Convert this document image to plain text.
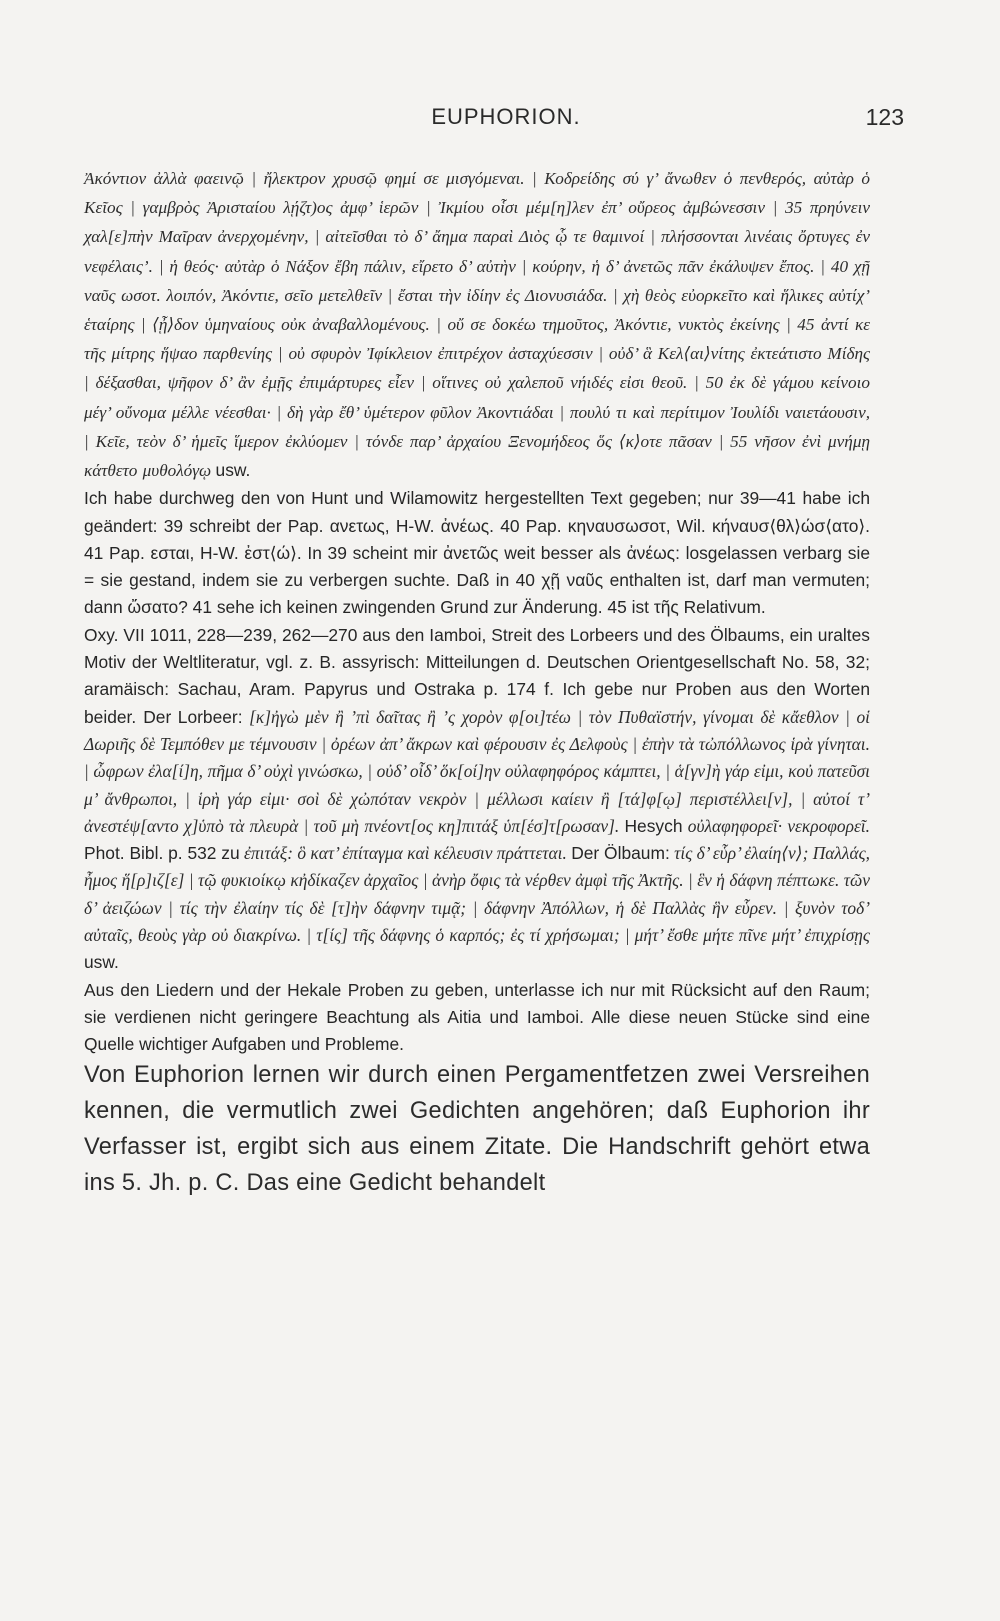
EUPHORION.	123

Ἀκόντιον ἀλλὰ φαεινῷ | ἤλεκτρον χρυσῷ φημί σε μισγόμεναι. | Κοδρείδης σύ γ’ ἄνωθεν ὁ πενθερός, αὐτὰρ ὁ Κεῖος | γαμβρὸς Ἀρισταίου λῄζτ)ος ἀμφ’ ἱερῶν | Ἰκμίου οἷσι μέμ[η]λεν ἐπ’ οὔρεος ἀμβώνεσσιν | 35 πρηύνειν χαλ[ε]πὴν Μαῖραν ἀνερχομένην, | αἰτεῖσθαι τὸ δ’ ἄημα παραὶ Διὸς ᾧ τε θαμινοί | πλήσσονται λινέαις ὄρτυγες ἐν νεφέλαις’. | ἡ θεός· αὐτὰρ ὁ Νάξον ἔβη πάλιν, εἴρετο δ’ αὐτὴν | κούρην, ἡ δ’ ἀνετῶς πᾶν ἐκάλυψεν ἔπος. | 40 χῇ ναῦς ωσοτ. λοιπόν, Ἀκόντιε, σεῖο μετελθεῖν | ἔσται τὴν ἰδίην ἐς Διονυσιάδα. | χὴ θεὸς εὐορκεῖτο καὶ ἥλικες αὐτίχ’ ἑταίρης | ⟨ᾖ⟩δον ὑμηναίους οὐκ ἀναβαλλομένους. | οὔ σε δοκέω τημοῦτος, Ἀκόντιε, νυκτὸς ἐκείνης | 45 ἀντί κε τῆς μίτρης ἥψαο παρθενίης | οὐ σφυρὸν Ἰφίκλειον ἐπιτρέχον ἀσταχύεσσιν | οὐδ’ ἃ Κελ⟨αι⟩νίτης ἐκτεάτιστο Μίδης | δέξασθαι, ψῆφον δ’ ἂν ἐμῇς ἐπιμάρτυρες εἶεν | οἵτινες οὐ χαλεποῦ νήιδές εἰσι θεοῦ. | 50 ἐκ δὲ γάμου κείνοιο μέγ’ οὔνομα μέλλε νέεσθαι· | δὴ γὰρ ἔθ’ ὑμέτερον φῦλον Ἀκοντιάδαι | πουλύ τι καὶ περίτιμον Ἰουλίδι ναιετάουσιν, | Κεῖε, τεὸν δ’ ἡμεῖς ἵμερον ἐκλύομεν | τόνδε παρ’ ἀρχαίου Ξενομήδεος ὅς ⟨κ⟩οτε πᾶσαν | 55 νῆσον ἐνὶ μνήμῃ κάτθετο μυθολόγῳ usw.

Ich habe durchweg den von Hunt und Wilamowitz hergestellten Text gegeben; nur 39—41 habe ich geändert: 39 schreibt der Pap. ανετως, H-W. ἀνέως. 40 Pap. κηναυσωσοτ, Wil. κήναυσ⟨θλ⟩ώσ⟨ατο⟩. 41 Pap. εσται, H-W. ἐστ⟨ώ⟩. In 39 scheint mir ἀνετῶς weit besser als ἀνέως: losgelassen verbarg sie = sie gestand, indem sie zu verbergen suchte. Daß in 40 χῇ ναῦς enthalten ist, darf man vermuten; dann ὤσατο? 41 sehe ich keinen zwingenden Grund zur Änderung. 45 ist τῆς Relativum.

Oxy. VII 1011, 228—239, 262—270 aus den Iamboi, Streit des Lorbeers und des Ölbaums, ein uraltes Motiv der Weltliteratur, vgl. z. B. assyrisch: Mitteilungen d. Deutschen Orientgesellschaft No. 58, 32; aramäisch: Sachau, Aram. Papyrus und Ostraka p. 174 f. Ich gebe nur Proben aus den Worten beider. Der Lorbeer: [κ]ἠγὼ μὲν ἢ ’πὶ δαῖτας ἢ ’ς χορὸν φ[οι]τέω | τὸν Πυθαϊστήν, γίνομαι δὲ κἄεθλον | οἱ Δωριῆς δὲ Τεμπόθεν με τέμνουσιν | ὀρέων ἀπ’ ἄκρων καὶ φέρουσιν ἐς Δελφοὺς | ἐπὴν τὰ τὠπόλλωνος ἱρὰ γίνηται. | ὦφρων ἐλα[ί]η, πῆμα δ’ οὐχὶ γινώσκω, | οὐδ’ οἶδ’ ὅκ[οί]ην οὐλαφηφόρος κάμπτει, | ἁ[γν]ὴ γάρ εἰμι, κοὐ πατεῦσι μ’ ἄνθρωποι, | ἱρὴ γάρ εἰμι· σοὶ δὲ χὠπόταν νεκρὸν | μέλλωσι καίειν ἢ [τά]φ[ῳ] περιστέλλει[ν], | αὐτοί τ’ ἀνεστέψ[αντο χ]ὑπὸ τὰ πλευρὰ | τοῦ μὴ πνέοντ[ος κη]πιτάξ ὑπ[έσ]τ[ρωσαν]. Hesych οὐλαφηφορεῖ· νεκροφορεῖ. Phot. Bibl. p. 532 zu ἐπιτάξ: ὃ κατ’ ἐπίταγμα καὶ κέλευσιν πράττεται. Der Ölbaum: τίς δ’ εὗρ’ ἐλαίη⟨ν⟩; Παλλάς, ἦμος ἥ[ρ]ιζ[ε] | τῷ φυκιοίκῳ κἠδίκαζεν ἀρχαῖος | ἀνὴρ ὄφις τὰ νέρθεν ἀμφὶ τῆς Ἀκτῆς. | ἓν ἡ δάφνη πέπτωκε. τῶν δ’ ἀειζώων | τίς τὴν ἐλαίην τίς δὲ [τ]ὴν δάφνην τιμᾷ; | δάφνην Ἀπόλλων, ἡ δὲ Παλλὰς ἣν εὗρεν. | ξυνὸν τοδ’ αὐταῖς, θεοὺς γὰρ οὐ διακρίνω. | τ[ίς] τῆς δάφνης ὁ καρπός; ἐς τί χρήσωμαι; | μήτ’ ἔσθε μήτε πῖνε μήτ’ ἐπιχρίσῃς usw.

Aus den Liedern und der Hekale Proben zu geben, unterlasse ich nur mit Rücksicht auf den Raum; sie verdienen nicht geringere Beachtung als Aitia und Iamboi. Alle diese neuen Stücke sind eine Quelle wichtiger Aufgaben und Probleme.

Von Euphorion lernen wir durch einen Pergamentfetzen zwei Versreihen kennen, die vermutlich zwei Gedichten angehören; daß Euphorion ihr Verfasser ist, ergibt sich aus einem Zitate. Die Handschrift gehört etwa ins 5. Jh. p. C. Das eine Gedicht behandelt
